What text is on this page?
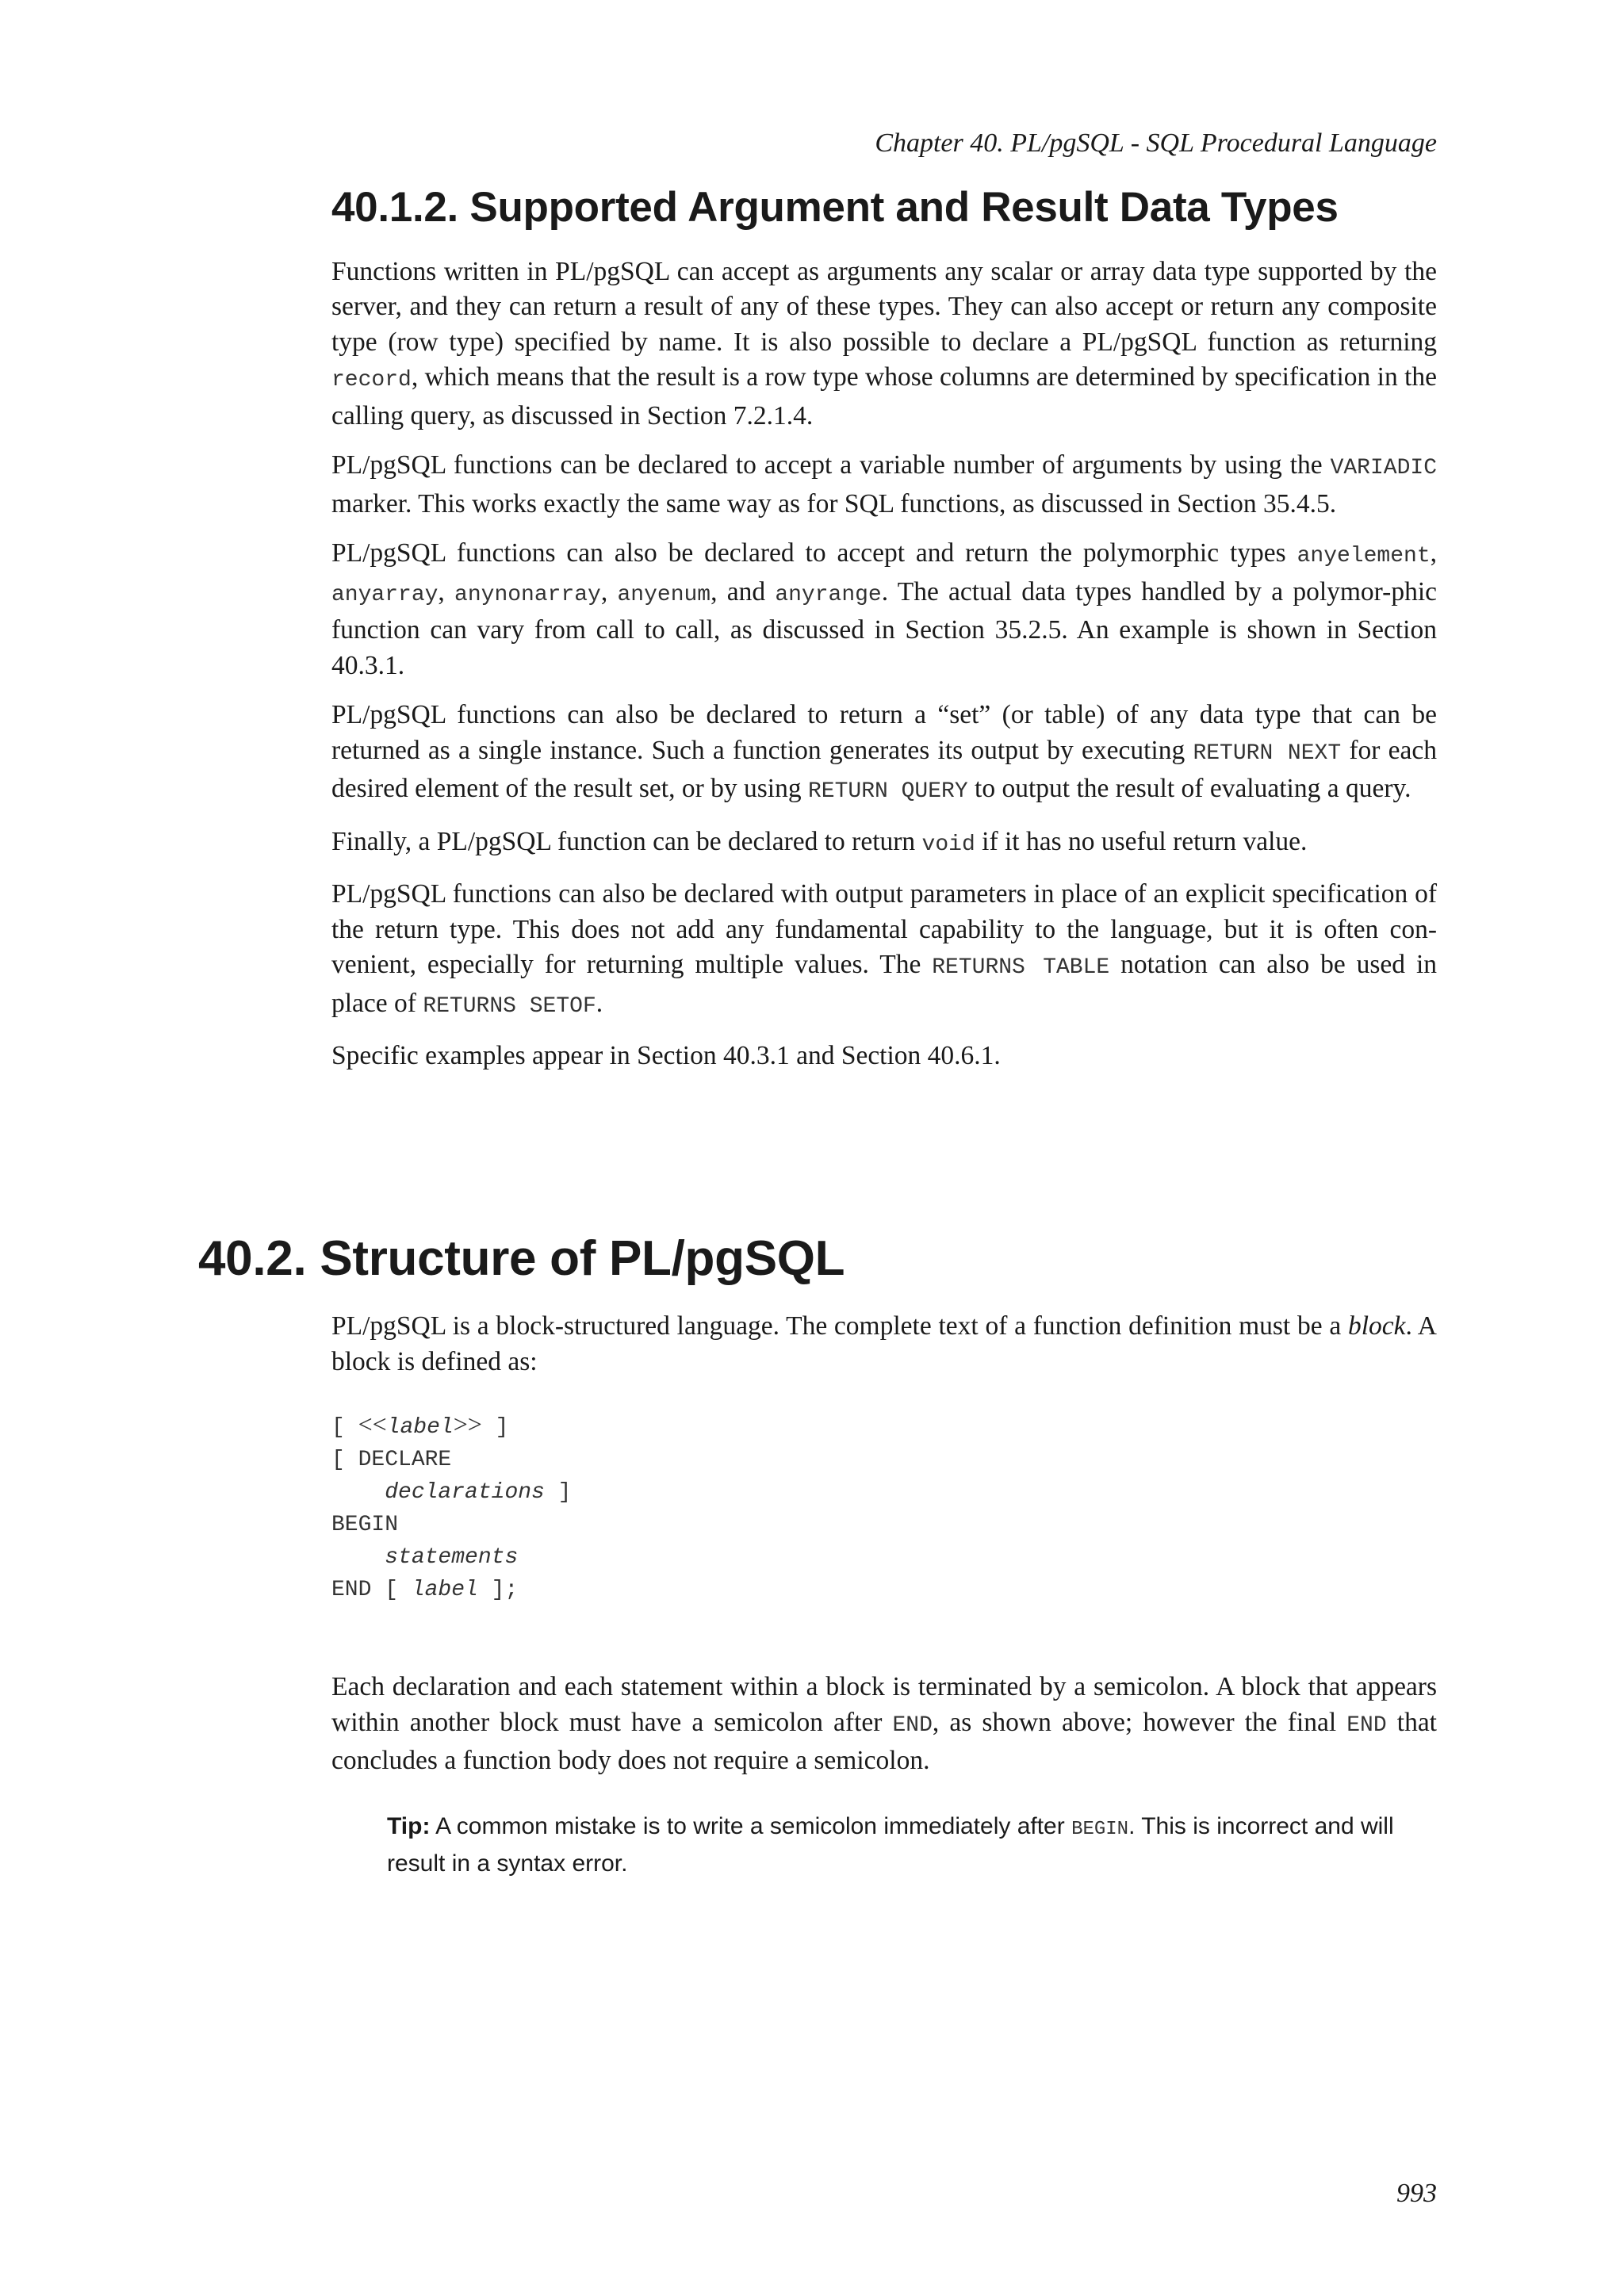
Chapter 40. PL/pgSQL - SQL Procedural Language
40.1.2. Supported Argument and Result Data Types

Functions written in PL/pgSQL can accept as arguments any scalar or array data type supported by the server, and they can return a result of any of these types. They can also accept or return any composite type (row type) specified by name. It is also possible to declare a PL/pgSQL function as returning record, which means that the result is a row type whose columns are determined by specification in the calling query, as discussed in Section 7.2.1.4.

PL/pgSQL functions can be declared to accept a variable number of arguments by using the VARIADIC marker. This works exactly the same way as for SQL functions, as discussed in Section 35.4.5.

PL/pgSQL functions can also be declared to accept and return the polymorphic types anyelement, anyarray, anynonarray, anyenum, and anyrange. The actual data types handled by a polymor-phic function can vary from call to call, as discussed in Section 35.2.5. An example is shown in Section 40.3.1.

PL/pgSQL functions can also be declared to return a “set” (or table) of any data type that can be returned as a single instance. Such a function generates its output by executing RETURN NEXT for each desired element of the result set, or by using RETURN QUERY to output the result of evaluating a query.

Finally, a PL/pgSQL function can be declared to return void if it has no useful return value.

PL/pgSQL functions can also be declared with output parameters in place of an explicit specification of the return type. This does not add any fundamental capability to the language, but it is often con-venient, especially for returning multiple values. The RETURNS TABLE notation can also be used in place of RETURNS SETOF.

Specific examples appear in Section 40.3.1 and Section 40.6.1.

40.2. Structure of PL/pgSQL

PL/pgSQL is a block-structured language. The complete text of a function definition must be a block. A block is defined as:

[ <<label>> ]
[ DECLARE
declarations ]
BEGIN
statements
END [ label ];

Each declaration and each statement within a block is terminated by a semicolon. A block that appears within another block must have a semicolon after END, as shown above; however the final END that concludes a function body does not require a semicolon.

Tip: A common mistake is to write a semicolon immediately after BEGIN. This is incorrect and will result in a syntax error.
993
